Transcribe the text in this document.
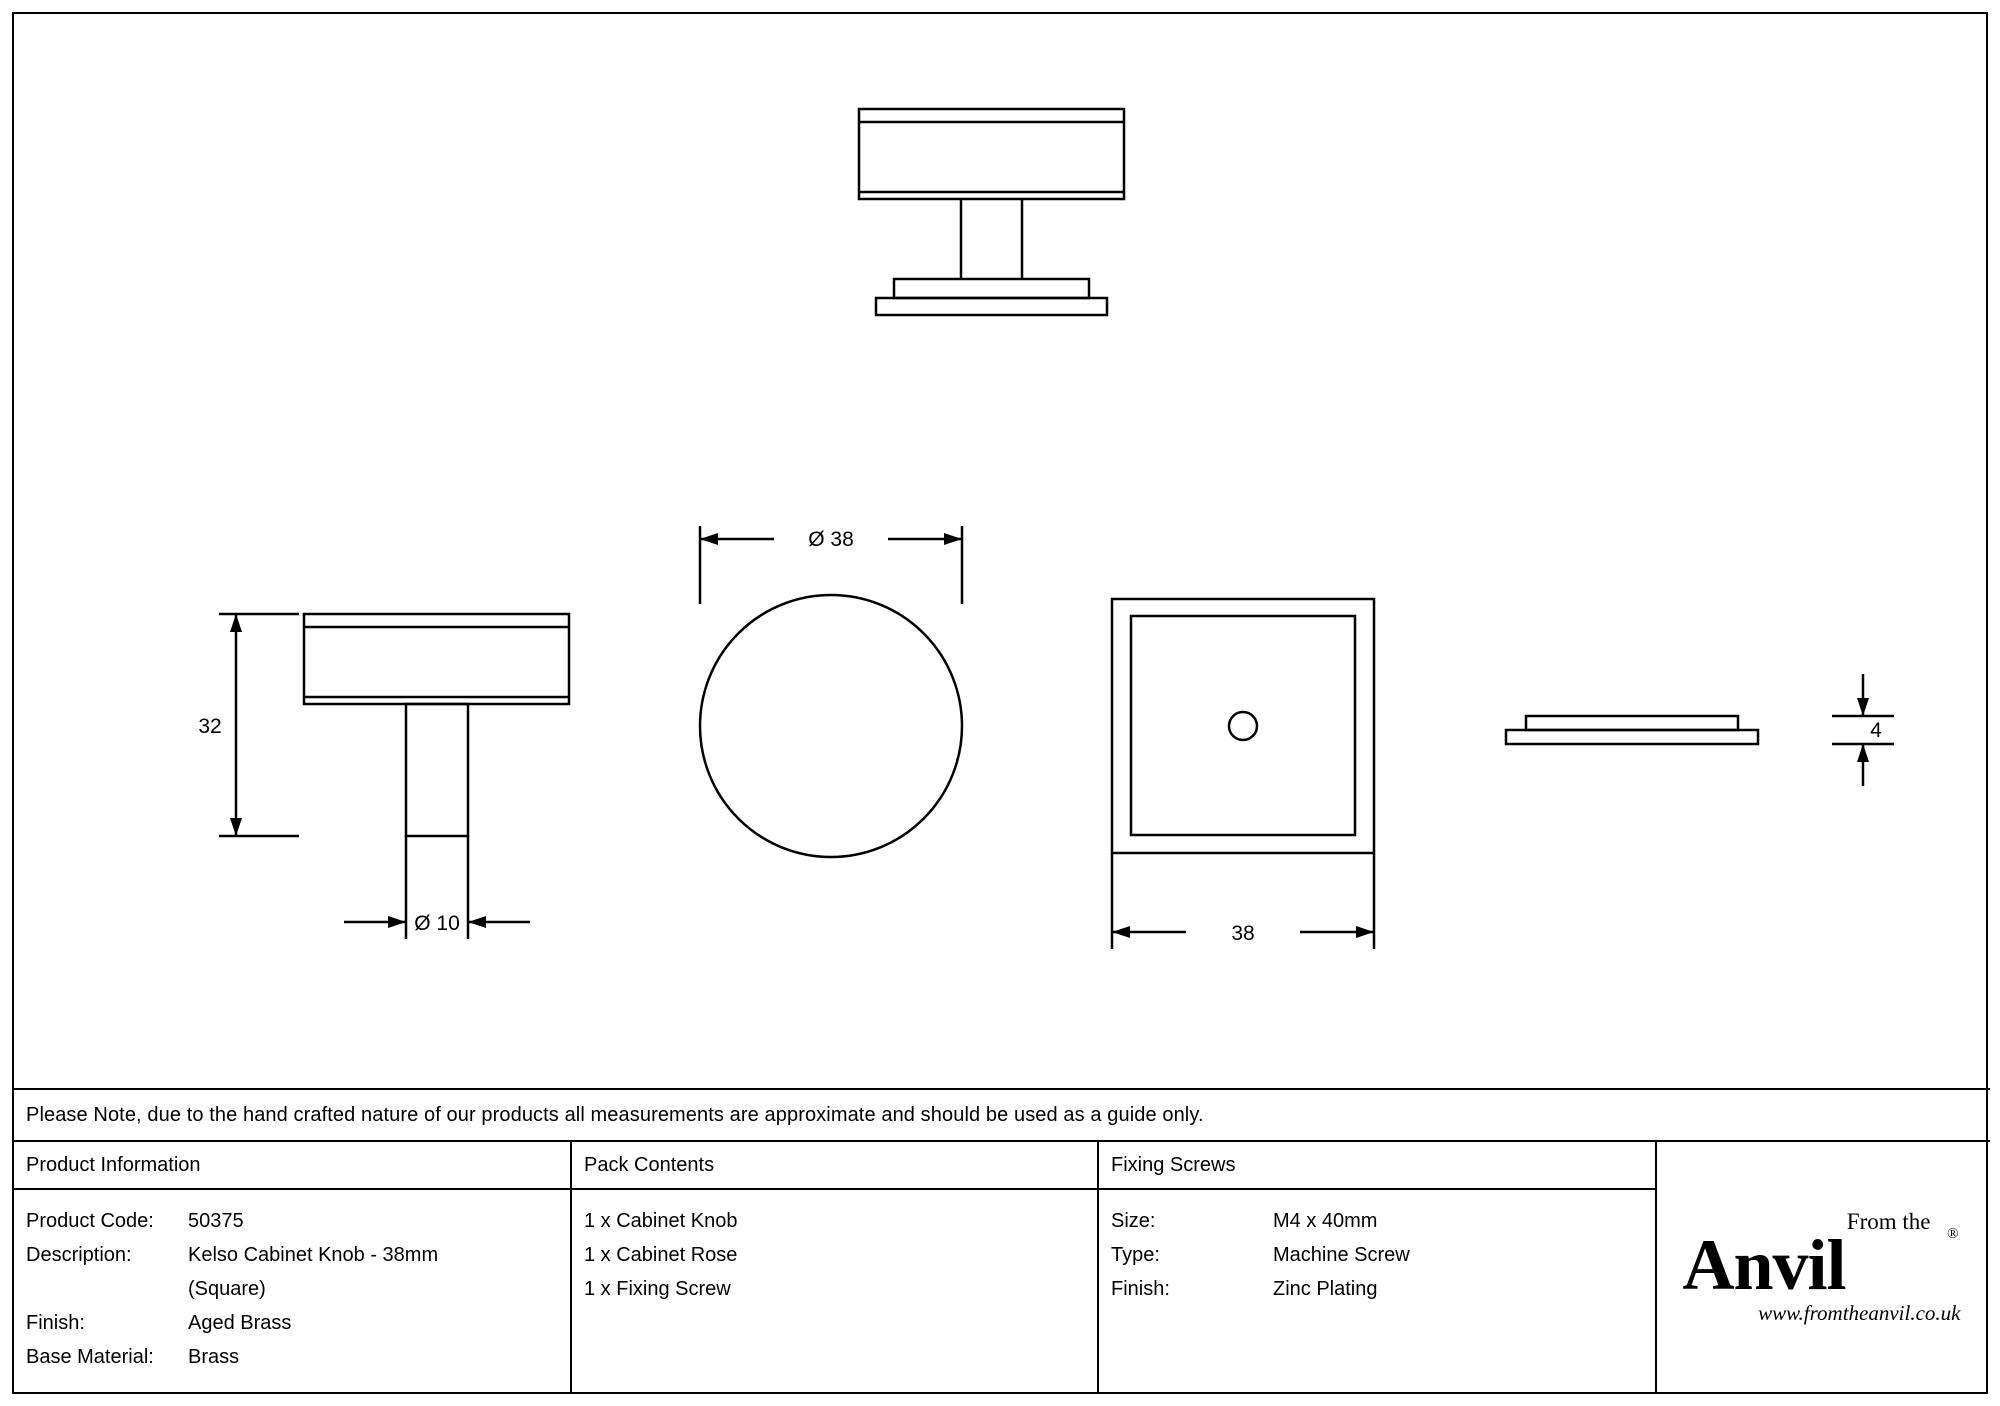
Ø 38
32
Ø 10	38
4
Please Note, due to the hand crafted nature of our products all measurements are approximate and should be used as a guide only.
Product Information
Product Code:	50375
Description:	Kelso Cabinet Knob - 38mm
(Square)
Finish:	Aged Brass
Base Material:	Brass
Pack Contents
1 x Cabinet Knob
1 x Cabinet Rose
1 x Fixing Screw
Fixing Screws
Size:	M4 x 40mm
Type:	Machine Screw
Finish:	Zinc Plating
®
From the
Anvil
www.fromtheanvil.co.uk
